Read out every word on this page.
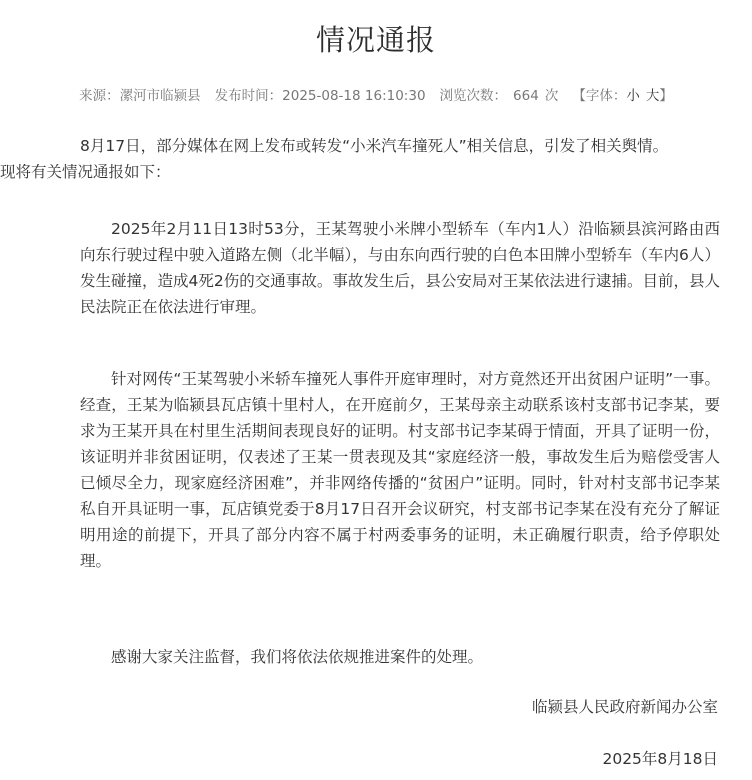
情况通报
来源：漯河市临颍县 发布时间：2025-08-18 16:10:30 浏览次数： 664 次 【字体：小 大】

8月17日，部分媒体在网上发布或转发“小米汽车撞死人”相关信息，引发了相关舆情。
现将有关情况通报如下：

2025年2月11日13时53分，王某驾驶小米牌小型轿车（车内1人）沿临颍县滨河路由西向东行驶过程中驶入道路左侧（北半幅），与由东向西行驶的白色本田牌小型轿车（车内6人）发生碰撞，造成4死2伤的交通事故。事故发生后，县公安局对王某依法进行逮捕。目前，县人民法院正在依法进行审理。

针对网传“王某驾驶小米轿车撞死人事件开庭审理时，对方竟然还开出贫困户证明”一事。经查，王某为临颍县瓦店镇十里村人，在开庭前夕，王某母亲主动联系该村支部书记李某，要求为王某开具在村里生活期间表现良好的证明。村支部书记李某碍于情面，开具了证明一份，该证明并非贫困证明，仅表述了王某一贯表现及其“家庭经济一般，事故发生后为赔偿受害人已倾尽全力，现家庭经济困难”，并非网络传播的“贫困户”证明。同时，针对村支部书记李某私自开具证明一事，瓦店镇党委于8月17日召开会议研究，村支部书记李某在没有充分了解证明用途的前提下，开具了部分内容不属于村两委事务的证明，未正确履行职责，给予停职处理。

感谢大家关注监督，我们将依法依规推进案件的处理。

临颍县人民政府新闻办公室
2025年8月18日
